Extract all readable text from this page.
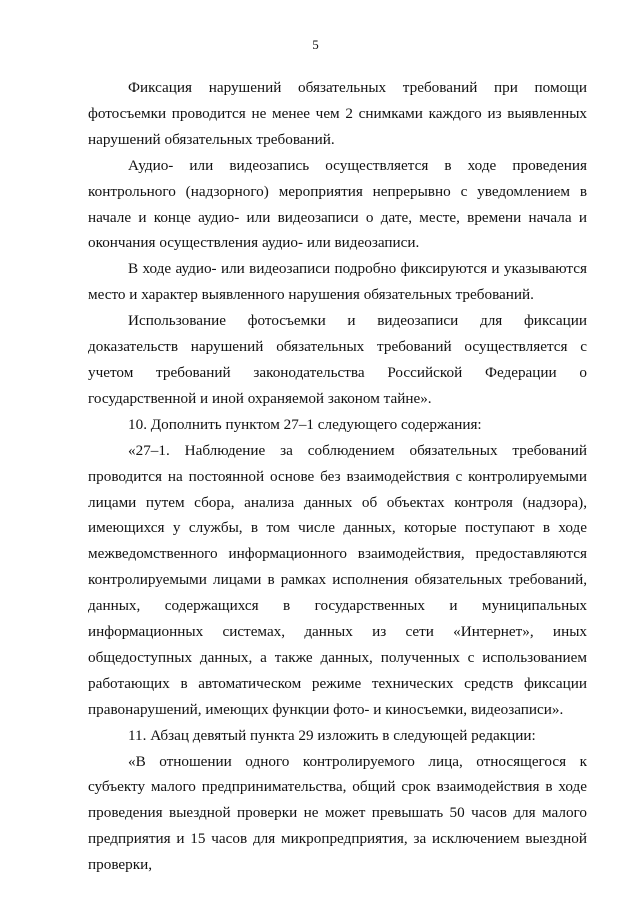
5

Фиксация нарушений обязательных требований при помощи фотосъемки проводится не менее чем 2 снимками каждого из выявленных нарушений обязательных требований.

Аудио- или видеозапись осуществляется в ходе проведения контрольного (надзорного) мероприятия непрерывно с уведомлением в начале и конце аудио- или видеозаписи о дате, месте, времени начала и окончания осуществления аудио- или видеозаписи.

В ходе аудио- или видеозаписи подробно фиксируются и указываются место и характер выявленного нарушения обязательных требований.

Использование фотосъемки и видеозаписи для фиксации доказательств нарушений обязательных требований осуществляется с учетом требований законодательства Российской Федерации о государственной и иной охраняемой законом тайне».

10. Дополнить пунктом 27–1 следующего содержания:

«27–1. Наблюдение за соблюдением обязательных требований проводится на постоянной основе без взаимодействия с контролируемыми лицами путем сбора, анализа данных об объектах контроля (надзора), имеющихся у службы, в том числе данных, которые поступают в ходе межведомственного информационного взаимодействия, предоставляются контролируемыми лицами в рамках исполнения обязательных требований, данных, содержащихся в государственных и муниципальных информационных системах, данных из сети «Интернет», иных общедоступных данных, а также данных, полученных с использованием работающих в автоматическом режиме технических средств фиксации правонарушений, имеющих функции фото- и киносъемки, видеозаписи».

11. Абзац девятый пункта 29 изложить в следующей редакции:

«В отношении одного контролируемого лица, относящегося к субъекту малого предпринимательства, общий срок взаимодействия в ходе проведения выездной проверки не может превышать 50 часов для малого предприятия и 15 часов для микропредприятия, за исключением выездной проверки,
